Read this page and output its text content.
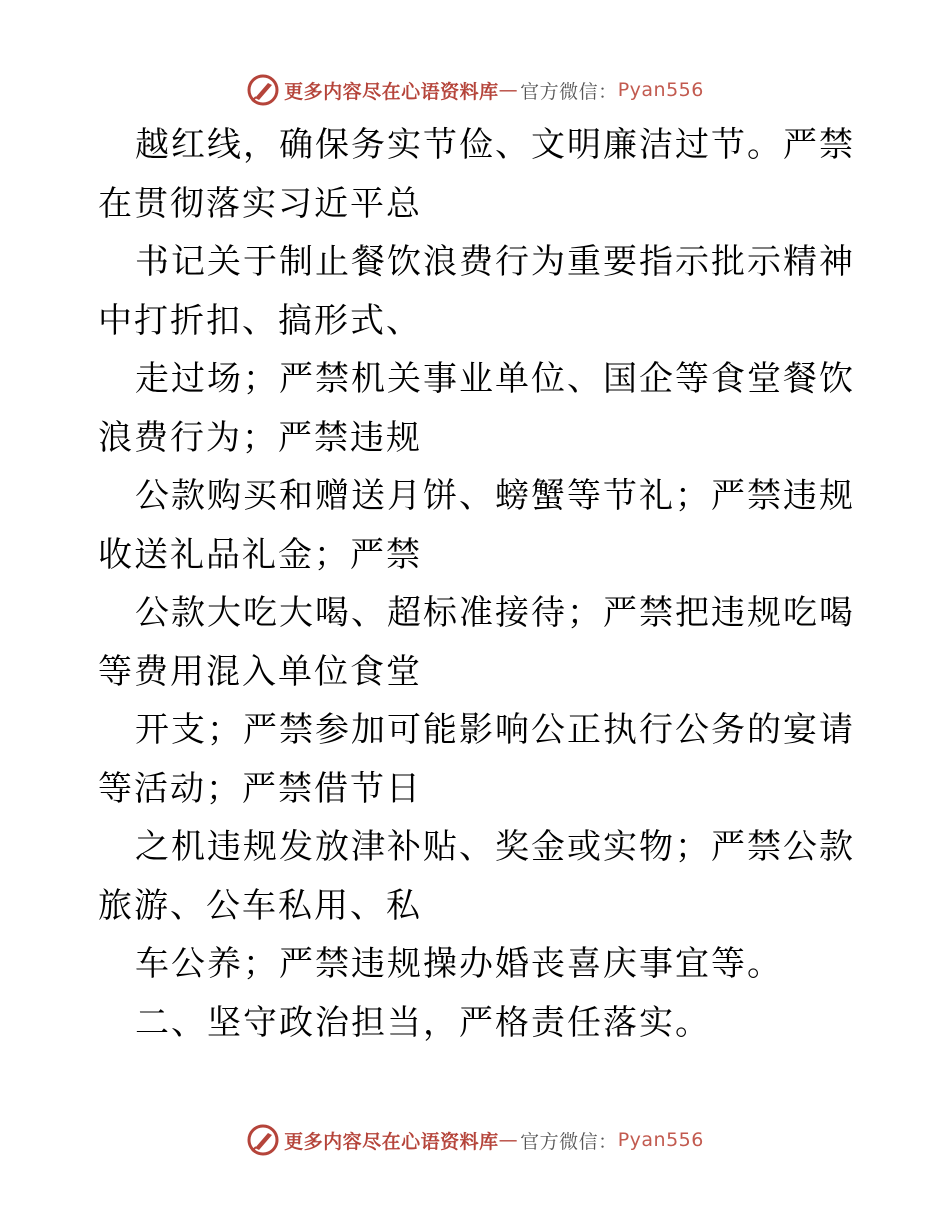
更多内容尽在心语资料库 — 官方微信： Pyan556

越红线，确保务实节俭、文明廉洁过节。严禁在贯彻落实习近平总

书记关于制止餐饮浪费行为重要指示批示精神中打折扣、搞形式、

走过场；严禁机关事业单位、国企等食堂餐饮浪费行为；严禁违规

公款购买和赠送月饼、螃蟹等节礼；严禁违规收送礼品礼金；严禁

公款大吃大喝、超标准接待；严禁把违规吃喝等费用混入单位食堂

开支；严禁参加可能影响公正执行公务的宴请等活动；严禁借节日

之机违规发放津补贴、奖金或实物；严禁公款旅游、公车私用、私

车公养；严禁违规操办婚丧喜庆事宜等。

二、坚守政治担当，严格责任落实。

更多内容尽在心语资料库 — 官方微信： Pyan556
